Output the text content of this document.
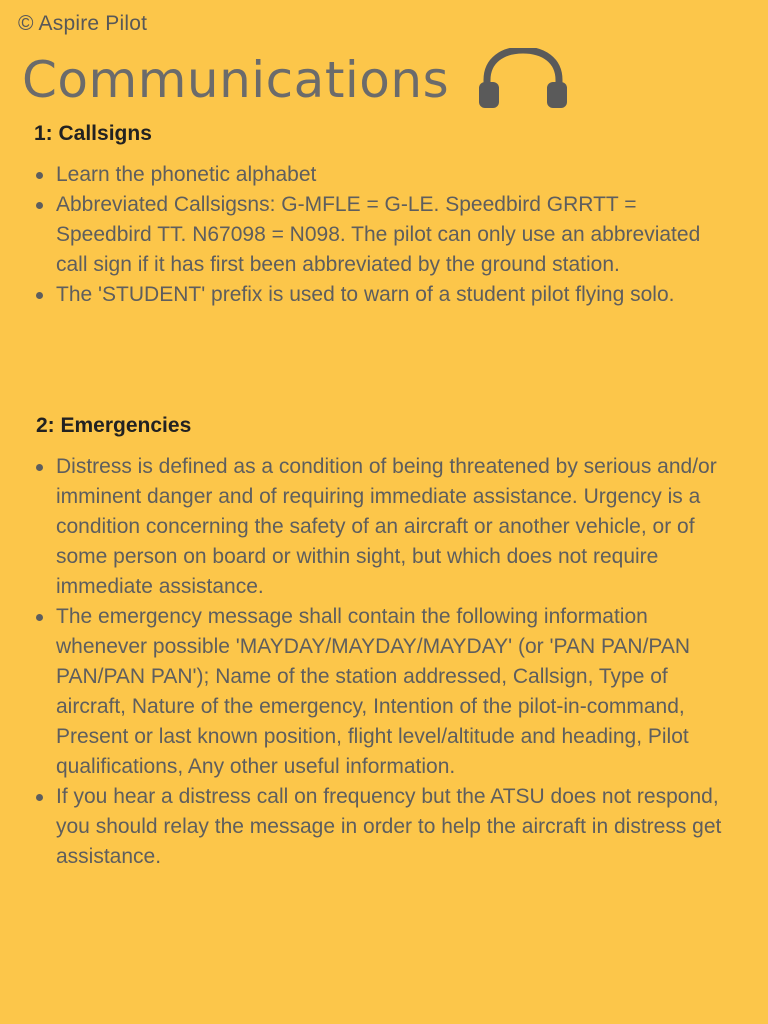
© Aspire Pilot
Communications
1: Callsigns
Learn the phonetic alphabet
Abbreviated Callsigsns: G-MFLE = G-LE. Speedbird GRRTT = Speedbird TT. N67098 = N098. The pilot can only use an abbreviated call sign if it has first been abbreviated by the ground station.
The 'STUDENT' prefix is used to warn of a student pilot flying solo.
2: Emergencies
Distress is defined as a condition of being threatened by serious and/or imminent danger and of requiring immediate assistance. Urgency is a condition concerning the safety of an aircraft or another vehicle, or of some person on board or within sight, but which does not require immediate assistance.
The emergency message shall contain the following information whenever possible 'MAYDAY/MAYDAY/MAYDAY' (or 'PAN PAN/PAN PAN/PAN PAN'); Name of the station addressed, Callsign, Type of aircraft, Nature of the emergency, Intention of the pilot-in-command, Present or last known position, flight level/altitude and heading, Pilot qualifications, Any other useful information.
If you hear a distress call on frequency but the ATSU does not respond, you should relay the message in order to help the aircraft in distress get assistance.
